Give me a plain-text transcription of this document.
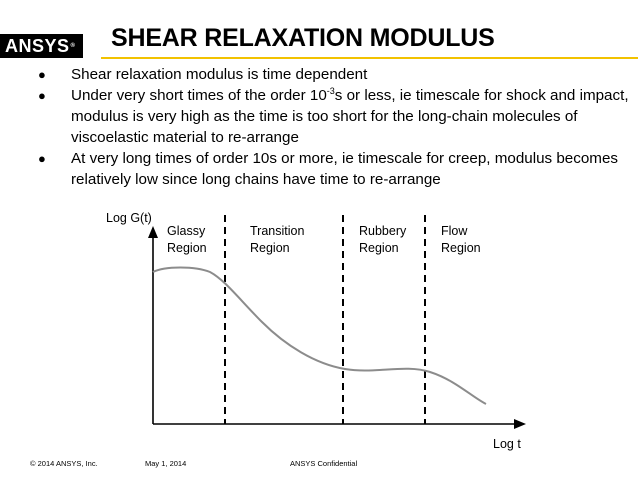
ANSYS®	SHEAR RELAXATION MODULUS
● Shear relaxation modulus is time dependent
● Under very short times of the order $10^{-3}s$ or less, ie timescale for shock and impact, modulus is very high as the time is too short for the long-chain molecules of viscoelastic material to re-arrange
● At very long times of order 10s or more, ie timescale for creep, modulus becomes relatively low since long chains have time to re-arrange
Log G(t)
Log t
Glassy
Region
Transition
Region
Rubbery
Region
Flow
Region
© 2014 ANSYS, Inc.	May 1, 2014	ANSYS Confidential
